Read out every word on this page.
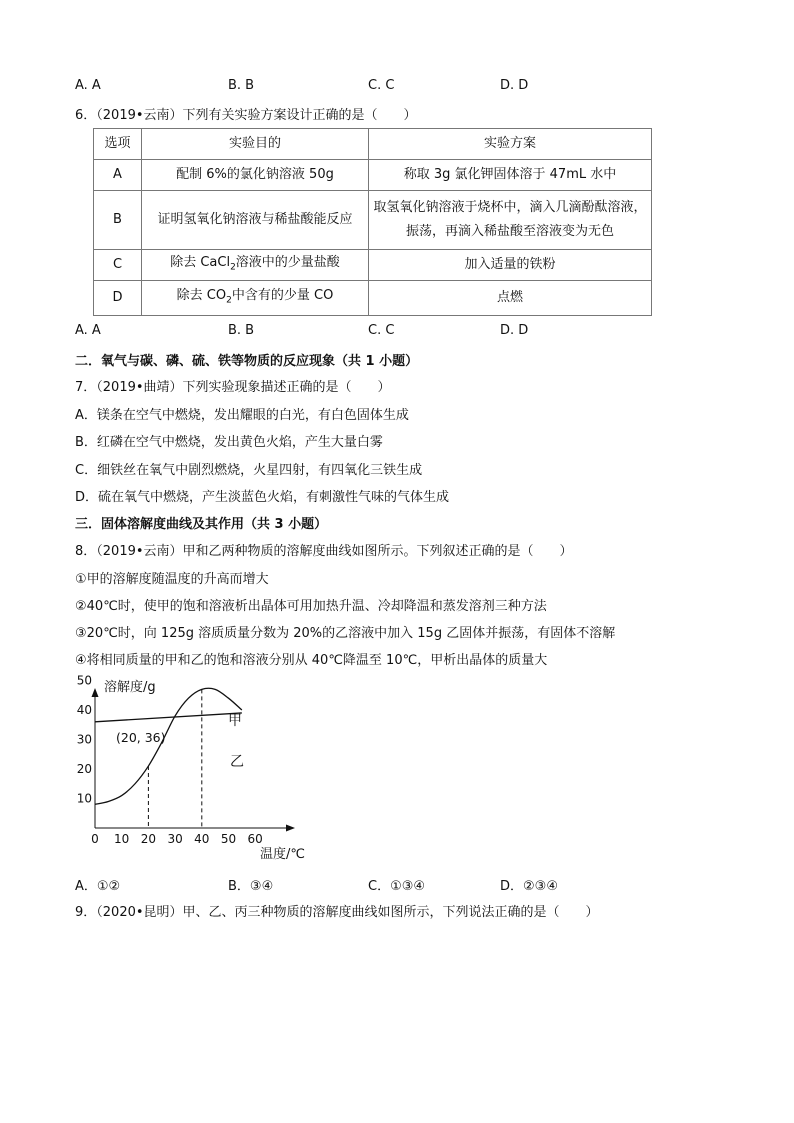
A. A	B. B	C. C	D. D
6．（2019•云南）下列有关实验方案设计正确的是（　　）
选项	实验目的	实验方案
A	配制 6%的氯化钠溶液 50g	称取 3g 氯化钾固体溶于 47mL 水中
B	证明氢氧化钠溶液与稀盐酸能反应	取氢氧化钠溶液于烧杯中，滴入几滴酚酞溶液，
振荡，再滴入稀盐酸至溶液变为无色

C	除去 CaCl$_2$溶液中的少量盐酸	加入适量的铁粉
D	除去 $CO_2$中含有的少量 CO	点燃
A. A	B. B	C. C	D. D
二．氧气与碳、磷、硫、铁等物质的反应现象（共 1 小题）
7．（2019•曲靖）下列实验现象描述正确的是（　　）
A．镁条在空气中燃烧，发出耀眼的白光，有白色固体生成
B．红磷在空气中燃烧，发出黄色火焰，产生大量白雾
C．细铁丝在氧气中剧烈燃烧，火星四射，有四氧化三铁生成
D．硫在氧气中燃烧，产生淡蓝色火焰，有刺激性气味的气体生成
三．固体溶解度曲线及其作用（共 3 小题）
8．（2019•云南）甲和乙两种物质的溶解度曲线如图所示。下列叙述正确的是（　　）
①甲的溶解度随温度的升高而增大
②40℃时，使甲的饱和溶液析出晶体可用加热升温、冷却降温和蒸发溶剂三种方法
③20℃时，向 125g 溶质质量分数为 20%的乙溶液中加入 15g 乙固体并振荡，有固体不溶解
④将相同质量的甲和乙的饱和溶液分别从 40℃降温至 10℃，甲析出晶体的质量大
溶解度/g
温度/℃
(20, 36)
甲
乙
0 10 20 30 40 50 60
10
20
30
40
50
A．①②	B．③④	C．①③④	D．②③④
9．（2020•昆明）甲、乙、丙三种物质的溶解度曲线如图所示，下列说法正确的是（　　）
